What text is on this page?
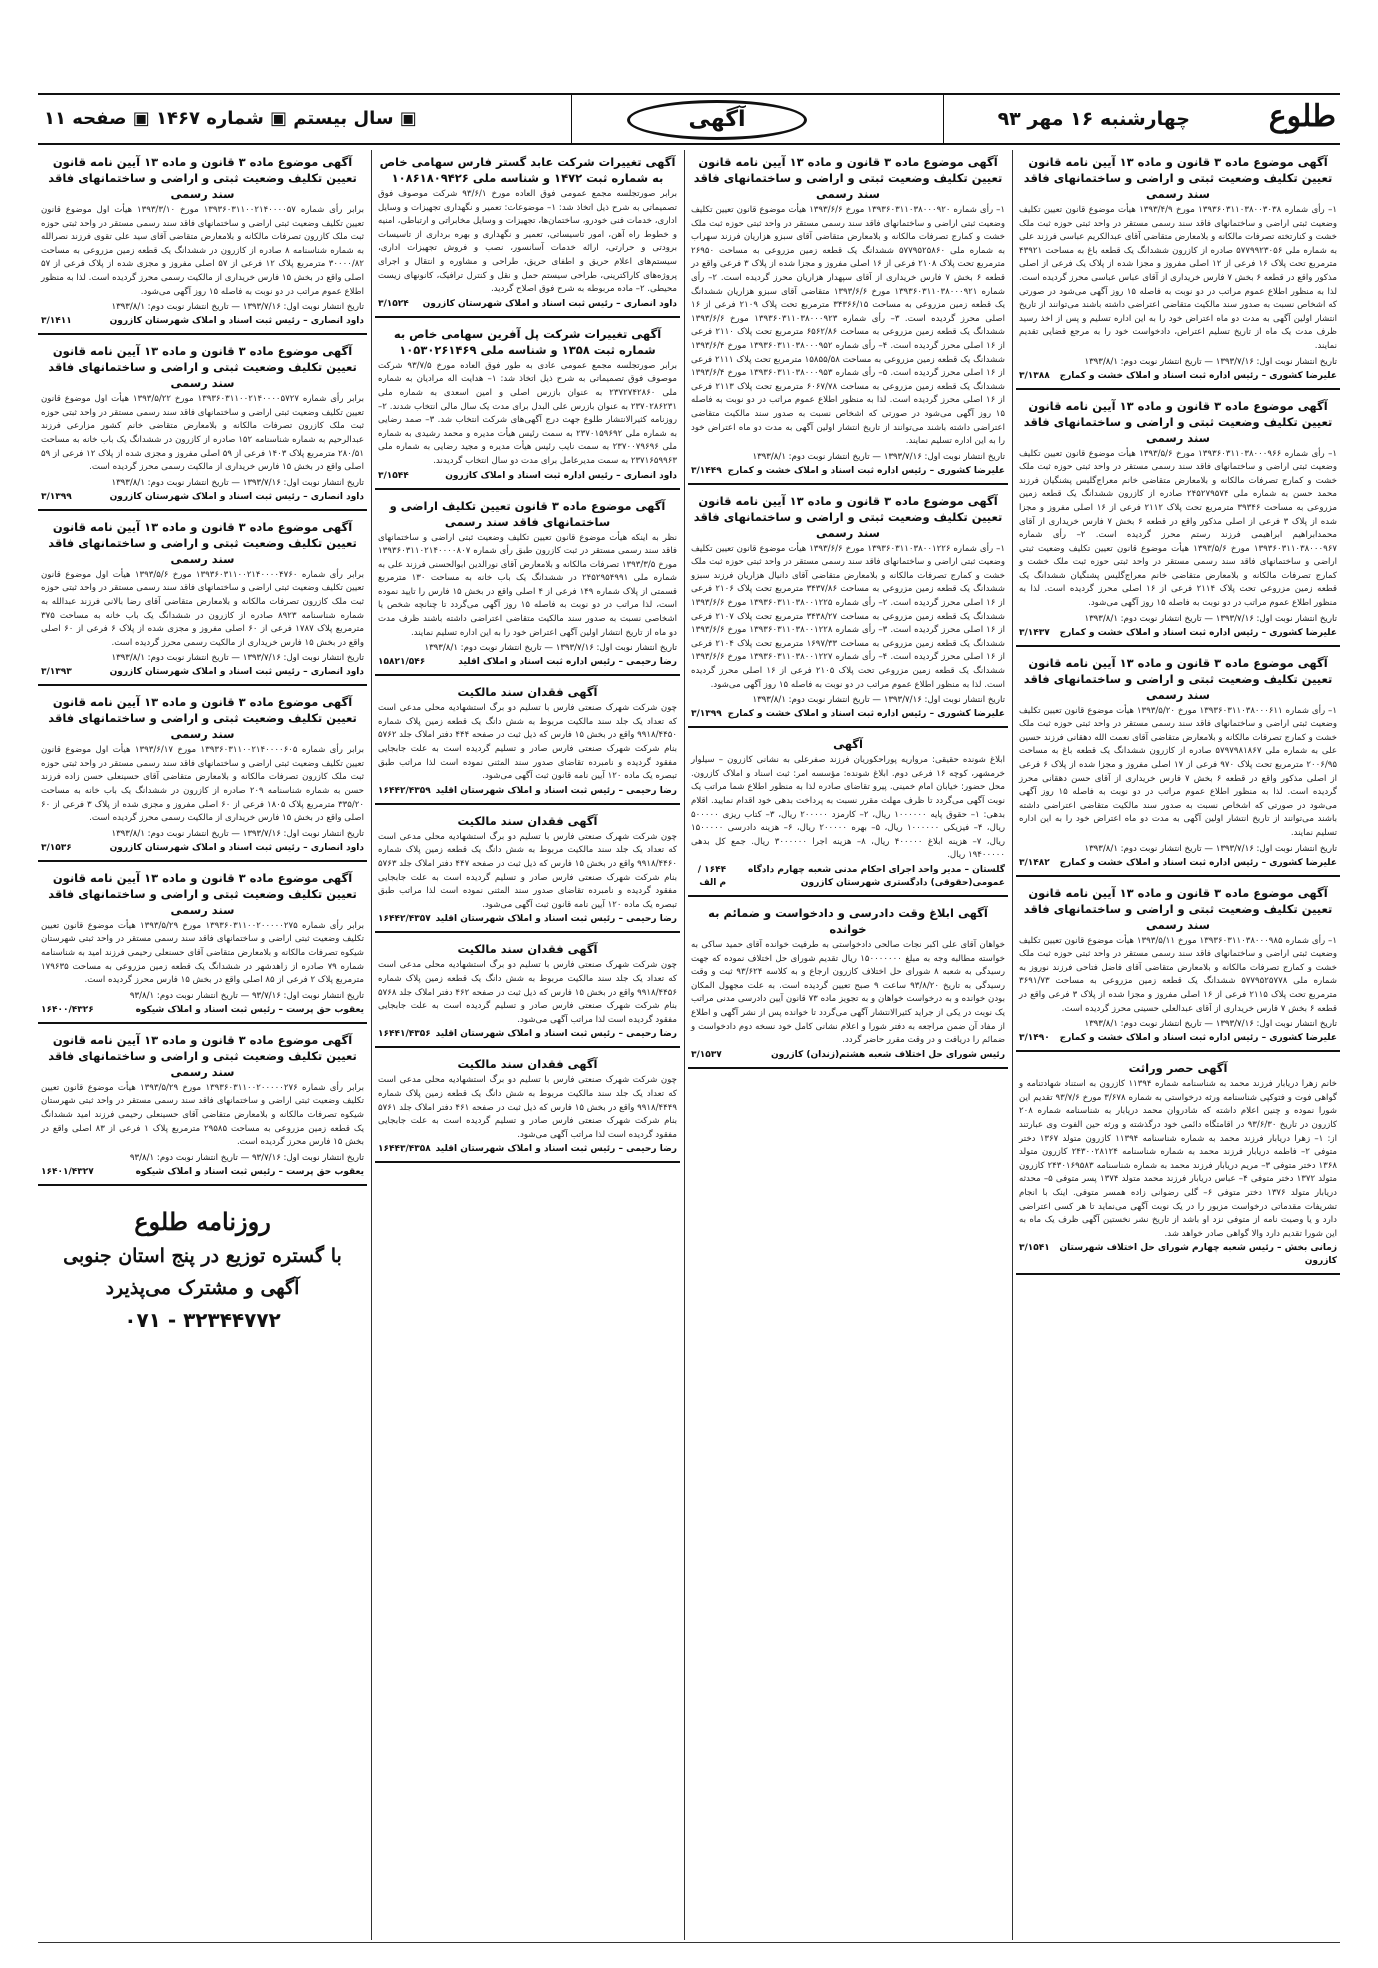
طلوع
چهارشنبه ۱۶ مهر ۹۳
آگهی
▣ سال بیستم ▣ شماره ۱۴۶۷ ▣ صفحه ۱۱
آگهی موضوع ماده ۳ قانون و ماده ۱۳ آیین نامه قانون تعیین تکلیف وضعیت ثبتی و اراضی و ساختمانهای فاقد سند رسمی
۱– رأی شماره ۱۳۹۳۶۰۳۱۱۰۳۸۰۰۳۰۳۸ مورخ ۱۳۹۳/۴/۹ هیأت موضوع قانون تعیین تکلیف وضعیت ثبتی اراضی و ساختمانهای فاقد سند رسمی مستقر در واحد ثبتی حوزه ثبت ملک خشت و کنارتخته تصرفات مالکانه و بلامعارض متقاضی آقای عبدالکریم عباسی فرزند علی به شماره ملی ۵۷۷۹۹۲۳۰۵۶ صادره از کازرون ششدانگ یک قطعه باغ به مساحت ۴۳۹۲۱ مترمربع تحت پلاک ۱۶ فرعی از ۱۲ اصلی مفروز و مجزا شده از پلاک یک فرعی از اصلی مذکور واقع در قطعه ۶ بخش ۷ فارس خریداری از آقای عباس عباسی محرز گردیده است. لذا به منظور اطلاع عموم مراتب در دو نوبت به فاصله ۱۵ روز آگهی می‌شود در صورتی که اشخاص نسبت به صدور سند مالکیت متقاضی اعتراضی داشته باشند می‌توانند از تاریخ انتشار اولین آگهی به مدت دو ماه اعتراض خود را به این اداره تسلیم و پس از اخذ رسید ظرف مدت یک ماه از تاریخ تسلیم اعتراض، دادخواست خود را به مرجع قضایی تقدیم نمایند.
تاریخ انتشار نوبت اول: ۱۳۹۳/۷/۱۶ — تاریخ انتشار نوبت دوم: ۱۳۹۳/۸/۱
علیرضا کشوری – رئیس اداره ثبت اسناد و املاک خشت و کمارج
۳/۱۳۸۸
آگهی موضوع ماده ۳ قانون و ماده ۱۳ آیین نامه قانون تعیین تکلیف وضعیت ثبتی و اراضی و ساختمانهای فاقد سند رسمی
۱– رأی شماره ۱۳۹۳۶۰۳۱۱۰۳۸۰۰۰۹۶۶ مورخ ۱۳۹۳/۵/۶ هیأت موضوع قانون تعیین تکلیف وضعیت ثبتی اراضی و ساختمانهای فاقد سند رسمی مستقر در واحد ثبتی حوزه ثبت ملک خشت و کمارج تصرفات مالکانه و بلامعارض متقاضی خانم معراج‌گلیس پشنگیان فرزند محمد حسن به شماره ملی ۲۴۵۲۷۹۵۷۴ صادره از کازرون ششدانگ یک قطعه زمین مزروعی به مساحت ۳۹۳۴۶ مترمربع تحت پلاک ۲۱۱۲ فرعی از ۱۶ اصلی مفروز و مجزا شده از پلاک ۳ فرعی از اصلی مذکور واقع در قطعه ۶ بخش ۷ فارس خریداری از آقای محمدابراهیم ابراهیمی فرزند رستم محرز گردیده است. ۲– رأی شماره ۱۳۹۳۶۰۳۱۱۰۳۸۰۰۰۹۶۷ مورخ ۱۳۹۳/۵/۶ هیأت موضوع قانون تعیین تکلیف وضعیت ثبتی اراضی و ساختمانهای فاقد سند رسمی مستقر در واحد ثبتی حوزه ثبت ملک خشت و کمارج تصرفات مالکانه و بلامعارض متقاضی خانم معراج‌گلیس پشنگیان ششدانگ یک قطعه زمین مزروعی تحت پلاک ۲۱۱۴ فرعی از ۱۶ اصلی محرز گردیده است. لذا به منظور اطلاع عموم مراتب در دو نوبت به فاصله ۱۵ روز آگهی می‌شود.
تاریخ انتشار نوبت اول: ۱۳۹۳/۷/۱۶ — تاریخ انتشار نوبت دوم: ۱۳۹۳/۸/۱
علیرضا کشوری – رئیس اداره ثبت اسناد و املاک خشت و کمارج
۳/۱۴۳۷
آگهی موضوع ماده ۳ قانون و ماده ۱۳ آیین نامه قانون تعیین تکلیف وضعیت ثبتی و اراضی و ساختمانهای فاقد سند رسمی
۱– رأی شماره ۱۳۹۳۶۰۳۱۱۰۳۸۰۰۰۶۱۱ مورخ ۱۳۹۳/۵/۲۰ هیأت موضوع قانون تعیین تکلیف وضعیت ثبتی اراضی و ساختمانهای فاقد سند رسمی مستقر در واحد ثبتی حوزه ثبت ملک خشت و کمارج تصرفات مالکانه و بلامعارض متقاضی آقای نعمت الله دهقانی فرزند حسین علی به شماره ملی ۵۷۹۷۹۸۱۸۶۷ صادره از کازرون ششدانگ یک قطعه باغ به مساحت ۲۰۰۶/۹۵ مترمربع تحت پلاک ۹۷۰ فرعی از ۱۷ اصلی مفروز و مجزا شده از پلاک ۶ فرعی از اصلی مذکور واقع در قطعه ۶ بخش ۷ فارس خریداری از آقای حسن دهقانی محرز گردیده است. لذا به منظور اطلاع عموم مراتب در دو نوبت به فاصله ۱۵ روز آگهی می‌شود در صورتی که اشخاص نسبت به صدور سند مالکیت متقاضی اعتراضی داشته باشند می‌توانند از تاریخ انتشار اولین آگهی به مدت دو ماه اعتراض خود را به این اداره تسلیم نمایند.
تاریخ انتشار نوبت اول: ۱۳۹۳/۷/۱۶ — تاریخ انتشار نوبت دوم: ۱۳۹۳/۸/۱
علیرضا کشوری – رئیس اداره ثبت اسناد و املاک خشت و کمارج
۳/۱۴۸۲
آگهی موضوع ماده ۳ قانون و ماده ۱۳ آیین نامه قانون تعیین تکلیف وضعیت ثبتی و اراضی و ساختمانهای فاقد سند رسمی
۱– رأی شماره ۱۳۹۳۶۰۳۱۱۰۳۸۰۰۰۹۸۵ مورخ ۱۳۹۳/۵/۱۱ هیأت موضوع قانون تعیین تکلیف وضعیت ثبتی اراضی و ساختمانهای فاقد سند رسمی مستقر در واحد ثبتی حوزه ثبت ملک خشت و کمارج تصرفات مالکانه و بلامعارض متقاضی آقای فاضل فتاحی فرزند نوروز به شماره ملی ۵۷۷۹۵۲۵۷۷۸ ششدانگ یک قطعه زمین مزروعی به مساحت ۳۶۹۱/۷۳ مترمربع تحت پلاک ۲۱۱۵ فرعی از ۱۶ اصلی مفروز و مجزا شده از پلاک ۳ فرعی واقع در قطعه ۶ بخش ۷ فارس خریداری از آقای عبدالعلی حسینی محرز گردیده است.
تاریخ انتشار نوبت اول: ۱۳۹۳/۷/۱۶ — تاریخ انتشار نوبت دوم: ۱۳۹۳/۸/۱
علیرضا کشوری – رئیس اداره ثبت اسناد و املاک خشت و کمارج
۳/۱۴۹۰
آگهی حصر وراثت
خانم زهرا دریابار فرزند محمد به شناسنامه شماره ۱۱۳۹۴ کازرون به استناد شهادتنامه و گواهی فوت و فتوکپی شناسنامه ورثه درخواستی به شماره ۳/۶۷۸ مورخ ۹۳/۷/۶ تقدیم این شورا نموده و چنین اعلام داشته که شادروان محمد دریابار به شناسنامه شماره ۲۰۸ کازرون در تاریخ ۹۳/۶/۳۰ در اقامتگاه دائمی خود درگذشته و ورثه حین الفوت وی عبارتند از: ۱– زهرا دریابار فرزند محمد به شماره شناسنامه ۱۱۳۹۴ کازرون متولد ۱۳۶۷ دختر متوفی ۲– فاطمه دریابار فرزند محمد به شماره شناسنامه ۲۴۳۰۰۲۸۱۲۴ کازرون متولد ۱۳۶۸ دختر متوفی ۳– مریم دریابار فرزند محمد به شماره شناسنامه ۲۴۳۰۱۶۹۵۸۳ کازرون متولد ۱۳۷۲ دختر متوفی ۴– عباس دریابار فرزند محمد متولد ۱۳۷۴ پسر متوفی ۵– محدثه دریابار متولد ۱۳۷۶ دختر متوفی ۶– گلی رضوانی زاده همسر متوفی. اینک با انجام تشریفات مقدماتی درخواست مزبور را در یک نوبت آگهی می‌نماید تا هر کسی اعتراضی دارد و یا وصیت نامه از متوفی نزد او باشد از تاریخ نشر نخستین آگهی ظرف یک ماه به این شورا تقدیم دارد والا گواهی صادر خواهد شد.
زمانی بخش – رئیس شعبه چهارم شورای حل اختلاف شهرستان کازرون
۳/۱۵۴۱
آگهی موضوع ماده ۳ قانون و ماده ۱۳ آیین نامه قانون تعیین تکلیف وضعیت ثبتی و اراضی و ساختمانهای فاقد سند رسمی
۱– رأی شماره ۱۳۹۳۶۰۳۱۱۰۳۸۰۰۰۹۲۰ مورخ ۱۳۹۳/۶/۶ هیأت موضوع قانون تعیین تکلیف وضعیت ثبتی اراضی و ساختمانهای فاقد سند رسمی مستقر در واحد ثبتی حوزه ثبت ملک خشت و کمارج تصرفات مالکانه و بلامعارض متقاضی آقای سبزو هزاریان فرزند سهراب به شماره ملی ۵۷۷۹۵۲۵۸۶۰ ششدانگ یک قطعه زمین مزروعی به مساحت ۲۶۹۵۰ مترمربع تحت پلاک ۲۱۰۸ فرعی از ۱۶ اصلی مفروز و مجزا شده از پلاک ۳ فرعی واقع در قطعه ۶ بخش ۷ فارس خریداری از آقای سپهدار هزاریان محرز گردیده است. ۲– رأی شماره ۱۳۹۳۶۰۳۱۱۰۳۸۰۰۰۹۲۱ مورخ ۱۳۹۳/۶/۶ متقاضی آقای سبزو هزاریان ششدانگ یک قطعه زمین مزروعی به مساحت ۳۴۳۶۶/۱۵ مترمربع تحت پلاک ۲۱۰۹ فرعی از ۱۶ اصلی محرز گردیده است. ۳– رأی شماره ۱۳۹۳۶۰۳۱۱۰۳۸۰۰۰۹۲۳ مورخ ۱۳۹۳/۶/۶ ششدانگ یک قطعه زمین مزروعی به مساحت ۶۵۶۲/۸۶ مترمربع تحت پلاک ۲۱۱۰ فرعی از ۱۶ اصلی محرز گردیده است. ۴– رأی شماره ۱۳۹۳۶۰۳۱۱۰۳۸۰۰۰۹۵۲ مورخ ۱۳۹۳/۶/۴ ششدانگ یک قطعه زمین مزروعی به مساحت ۱۵۸۵۵/۵۸ مترمربع تحت پلاک ۲۱۱۱ فرعی از ۱۶ اصلی محرز گردیده است. ۵– رأی شماره ۱۳۹۳۶۰۳۱۱۰۳۸۰۰۰۹۵۳ مورخ ۱۳۹۳/۶/۴ ششدانگ یک قطعه زمین مزروعی به مساحت ۶۰۶۷/۷۸ مترمربع تحت پلاک ۲۱۱۳ فرعی از ۱۶ اصلی محرز گردیده است. لذا به منظور اطلاع عموم مراتب در دو نوبت به فاصله ۱۵ روز آگهی می‌شود در صورتی که اشخاص نسبت به صدور سند مالکیت متقاضی اعتراضی داشته باشند می‌توانند از تاریخ انتشار اولین آگهی به مدت دو ماه اعتراض خود را به این اداره تسلیم نمایند.
تاریخ انتشار نوبت اول: ۱۳۹۳/۷/۱۶ — تاریخ انتشار نوبت دوم: ۱۳۹۳/۸/۱
علیرضا کشوری – رئیس اداره ثبت اسناد و املاک خشت و کمارج
۳/۱۴۴۹
آگهی موضوع ماده ۳ قانون و ماده ۱۳ آیین نامه قانون تعیین تکلیف وضعیت ثبتی و اراضی و ساختمانهای فاقد سند رسمی
۱– رأی شماره ۱۳۹۳۶۰۳۱۱۰۳۸۰۰۱۲۲۶ مورخ ۱۳۹۳/۶/۶ هیأت موضوع قانون تعیین تکلیف وضعیت ثبتی اراضی و ساختمانهای فاقد سند رسمی مستقر در واحد ثبتی حوزه ثبت ملک خشت و کمارج تصرفات مالکانه و بلامعارض متقاضی آقای دانیال هزاریان فرزند سبزو ششدانگ یک قطعه زمین مزروعی به مساحت ۳۴۳۷/۸۶ مترمربع تحت پلاک ۲۱۰۶ فرعی از ۱۶ اصلی محرز گردیده است. ۲– رأی شماره ۱۳۹۳۶۰۳۱۱۰۳۸۰۰۱۲۲۵ مورخ ۱۳۹۳/۶/۶ ششدانگ یک قطعه زمین مزروعی به مساحت ۳۴۳۸/۲۷ مترمربع تحت پلاک ۲۱۰۷ فرعی از ۱۶ اصلی محرز گردیده است. ۳– رأی شماره ۱۳۹۳۶۰۳۱۱۰۳۸۰۰۱۲۲۸ مورخ ۱۳۹۳/۶/۶ ششدانگ یک قطعه زمین مزروعی به مساحت ۱۶۹۷/۳۳ مترمربع تحت پلاک ۲۱۰۴ فرعی از ۱۶ اصلی محرز گردیده است. ۴– رأی شماره ۱۳۹۳۶۰۳۱۱۰۳۸۰۰۱۲۲۷ مورخ ۱۳۹۳/۶/۶ ششدانگ یک قطعه زمین مزروعی تحت پلاک ۲۱۰۵ فرعی از ۱۶ اصلی محرز گردیده است. لذا به منظور اطلاع عموم مراتب در دو نوبت به فاصله ۱۵ روز آگهی می‌شود.
تاریخ انتشار نوبت اول: ۱۳۹۳/۷/۱۶ — تاریخ انتشار نوبت دوم: ۱۳۹۳/۸/۱
علیرضا کشوری – رئیس اداره ثبت اسناد و املاک خشت و کمارج
۳/۱۳۹۹
آگهی
ابلاغ شونده حقیقی: مرواریه پوراحکوریان فرزند صفرعلی به نشانی کازرون – سیلوار خرمشهر، کوچه ۱۶ فرعی دوم. ابلاغ شونده: مؤسسه امر: ثبت اسناد و املاک کازرون. محل حضور: خیابان امام خمینی. پیرو تقاضای صادره لذا به منظور اطلاع شما مراتب یک نوبت آگهی می‌گردد تا ظرف مهلت مقرر نسبت به پرداخت بدهی خود اقدام نمایید. اقلام بدهی: ۱– حقوق پایه ۱۰۰۰۰۰۰ ریال، ۲– کارمزد ۲۰۰۰۰۰ ریال، ۳– کتاب ریزی ۵۰۰۰۰۰ ریال، ۴– فیزیکی ۱۰۰۰۰۰۰ ریال، ۵– بهره ۲۰۰۰۰۰ ریال، ۶– هزینه دادرسی ۱۵۰۰۰۰۰ ریال، ۷– هزینه ابلاغ ۴۰۰۰۰۰ ریال، ۸– هزینه اجرا ۳۰۰۰۰۰۰ ریال. جمع کل بدهی ۱۹۴۰۰۰۰۰ ریال.
گلستان – مدیر واحد اجرای احکام مدنی شعبه چهارم دادگاه عمومی(حقوقی) دادگستری شهرستان کازرون
۱۶۴۴ / م الف
آگهی ابلاغ وقت دادرسی و دادخواست و ضمائم به خوانده
خواهان آقای علی اکبر نجات صالحی دادخواستی به طرفیت خوانده آقای حمید ساکی به خواسته مطالبه وجه به مبلغ ۱۵۰۰۰۰۰۰۰ ریال تقدیم شورای حل اختلاف نموده که جهت رسیدگی به شعبه ۸ شورای حل اختلاف کازرون ارجاع و به کلاسه ۹۳/۶۲۴ ثبت و وقت رسیدگی به تاریخ ۹۳/۸/۲۰ ساعت ۹ صبح تعیین گردیده است. به علت مجهول المکان بودن خوانده و به درخواست خواهان و به تجویز ماده ۷۳ قانون آیین دادرسی مدنی مراتب یک نوبت در یکی از جراید کثیرالانتشار آگهی می‌گردد تا خوانده پس از نشر آگهی و اطلاع از مفاد آن ضمن مراجعه به دفتر شورا و اعلام نشانی کامل خود نسخه دوم دادخواست و ضمائم را دریافت و در وقت مقرر حاضر گردد.
رئیس شورای حل اختلاف شعبه هشتم(زندان) کازرون
۳/۱۵۳۷
آگهی تغییرات شرکت عابد گستر فارس سهامی خاص به شماره ثبت ۱۴۷۲ و شناسه ملی ۱۰۸۶۱۸۰۹۴۲۶
برابر صورتجلسه مجمع عمومی فوق العاده مورخ ۹۳/۶/۱ شرکت موصوف فوق تصمیماتی به شرح ذیل اتخاذ شد: ۱– موضوعات: تعمیر و نگهداری تجهیزات و وسایل اداری، خدمات فنی خودرو، ساختمان‌ها، تجهیزات و وسایل مخابراتی و ارتباطی، امنیه و خطوط راه آهن، امور تاسیساتی، تعمیر و نگهداری و بهره برداری از تاسیسات برودتی و حرارتی، ارائه خدمات آسانسور، نصب و فروش تجهیزات اداری، سیستم‌های اعلام حریق و اطفای حریق، طراحی و مشاوره و انتقال و اجرای پروژه‌های کاراکترینی، طراحی سیستم حمل و نقل و کنترل ترافیک، کانونهای زیست محیطی. ۲– ماده مربوطه به شرح فوق اصلاح گردید.
داود انصاری – رئیس ثبت اسناد و املاک شهرستان کازرون
۳/۱۵۲۴
آگهی تغییرات شرکت پل آفرین سهامی خاص به شماره ثبت ۱۳۵۸ و شناسه ملی ۱۰۵۳۰۲۶۱۴۶۹
برابر صورتجلسه مجمع عمومی عادی به طور فوق العاده مورخ ۹۳/۷/۵ شرکت موصوف فوق تصمیماتی به شرح ذیل اتخاذ شد: ۱– هدایت اله مرادیان به شماره ملی ۲۳۷۲۷۴۲۸۶۰ به عنوان بازرس اصلی و امین اسعدی به شماره ملی ۲۳۷۰۲۸۶۲۳۱ به عنوان بازرس علی البدل برای مدت یک سال مالی انتخاب شدند. ۲– روزنامه کثیرالانتشار طلوع جهت درج آگهی‌های شرکت انتخاب شد. ۳– صمد رضایی به شماره ملی ۲۳۷۰۱۵۹۶۹۲ به سمت رئیس هیأت مدیره و محمد رشیدی به شماره ملی ۲۳۷۰۰۷۹۶۹۶ به سمت نایب رئیس هیأت مدیره و مجید رضایی به شماره ملی ۲۳۷۱۶۵۹۹۶۳ به سمت مدیرعامل برای مدت دو سال انتخاب گردیدند.
داود انصاری – رئیس اداره ثبت اسناد و املاک کازرون
۳/۱۵۴۴
آگهی موضوع ماده ۳ قانون تعیین تکلیف اراضی و ساختمانهای فاقد سند رسمی
نظر به اینکه هیأت موضوع قانون تعیین تکلیف وضعیت ثبتی اراضی و ساختمانهای فاقد سند رسمی مستقر در ثبت کازرون طبق رأی شماره ۱۳۹۳۶۰۳۱۱۰۲۱۴۰۰۰۰۸۰۷ مورخ ۱۳۹۳/۳/۵ تصرفات مالکانه و بلامعارض آقای نورالدین ابوالحسنی فرزند علی به شماره ملی ۲۴۵۲۹۵۴۹۹۱ در ششدانگ یک باب خانه به مساحت ۱۳۰ مترمربع قسمتی از پلاک شماره ۱۴۹ فرعی از ۴ اصلی واقع در بخش ۱۵ فارس را تایید نموده است، لذا مراتب در دو نوبت به فاصله ۱۵ روز آگهی می‌گردد تا چنانچه شخص یا اشخاصی نسبت به صدور سند مالکیت متقاضی اعتراضی داشته باشند ظرف مدت دو ماه از تاریخ انتشار اولین آگهی اعتراض خود را به این اداره تسلیم نمایند.
تاریخ انتشار نوبت اول: ۱۳۹۳/۷/۱۶ — تاریخ انتشار نوبت دوم: ۱۳۹۳/۸/۱
رضا رحیمی – رئیس اداره ثبت اسناد و املاک اقلید
۱۵۸۲۱/۵۴۶
آگهی فقدان سند مالکیت
چون شرکت شهرک صنعتی فارس با تسلیم دو برگ استشهادیه محلی مدعی است که تعداد یک جلد سند مالکیت مربوط به شش دانگ یک قطعه زمین پلاک شماره ۹۹۱۸/۴۴۵۰ واقع در بخش ۱۵ فارس که ذیل ثبت در صفحه ۴۴۴ دفتر املاک جلد ۵۷۶۲ بنام شرکت شهرک صنعتی فارس صادر و تسلیم گردیده است به علت جابجایی مفقود گردیده و نامبرده تقاضای صدور سند المثنی نموده است لذا مراتب طبق تبصره یک ماده ۱۲۰ آیین نامه قانون ثبت آگهی می‌شود.
رضا رحیمی – رئیس ثبت اسناد و املاک شهرستان اقلید
۱۶۴۴۲/۴۳۵۹
آگهی فقدان سند مالکیت
چون شرکت شهرک صنعتی فارس با تسلیم دو برگ استشهادیه محلی مدعی است که تعداد یک جلد سند مالکیت مربوط به شش دانگ یک قطعه زمین پلاک شماره ۹۹۱۸/۴۴۶۰ واقع در بخش ۱۵ فارس که ذیل ثبت در صفحه ۴۴۷ دفتر املاک جلد ۵۷۶۳ بنام شرکت شهرک صنعتی فارس صادر و تسلیم گردیده است به علت جابجایی مفقود گردیده و نامبرده تقاضای صدور سند المثنی نموده است لذا مراتب طبق تبصره یک ماده ۱۲۰ آیین نامه قانون ثبت آگهی می‌شود.
رضا رحیمی – رئیس ثبت اسناد و املاک شهرستان اقلید
۱۶۴۴۲/۴۳۵۷
آگهی فقدان سند مالکیت
چون شرکت شهرک صنعتی فارس با تسلیم دو برگ استشهادیه محلی مدعی است که تعداد یک جلد سند مالکیت مربوط به شش دانگ یک قطعه زمین پلاک شماره ۹۹۱۸/۴۴۵۶ واقع در بخش ۱۵ فارس که ذیل ثبت در صفحه ۴۶۲ دفتر املاک جلد ۵۷۶۸ بنام شرکت شهرک صنعتی فارس صادر و تسلیم گردیده است به علت جابجایی مفقود گردیده است لذا مراتب آگهی می‌شود.
رضا رحیمی – رئیس ثبت اسناد و املاک شهرستان اقلید
۱۶۴۴۱/۴۳۵۶
آگهی فقدان سند مالکیت
چون شرکت شهرک صنعتی فارس با تسلیم دو برگ استشهادیه محلی مدعی است که تعداد یک جلد سند مالکیت مربوط به شش دانگ یک قطعه زمین پلاک شماره ۹۹۱۸/۴۴۴۹ واقع در بخش ۱۵ فارس که ذیل ثبت در صفحه ۴۶۱ دفتر املاک جلد ۵۷۶۱ بنام شرکت شهرک صنعتی فارس صادر و تسلیم گردیده است به علت جابجایی مفقود گردیده است لذا مراتب آگهی می‌شود.
رضا رحیمی – رئیس ثبت اسناد و املاک شهرستان اقلید
۱۶۴۴۳/۴۳۵۸
آگهی موضوع ماده ۳ قانون و ماده ۱۳ آیین نامه قانون تعیین تکلیف وضعیت ثبتی و اراضی و ساختمانهای فاقد سند رسمی
برابر رأی شماره ۱۳۹۳۶۰۳۱۱۰۰۲۱۴۰۰۰۰۵۷ مورخ ۱۳۹۳/۳/۱۰ هیأت اول موضوع قانون تعیین تکلیف وضعیت ثبتی اراضی و ساختمانهای فاقد سند رسمی مستقر در واحد ثبتی حوزه ثبت ملک کازرون تصرفات مالکانه و بلامعارض متقاضی آقای سید علی تقوی فرزند نصرالله به شماره شناسنامه ۸ صادره از کازرون در ششدانگ یک قطعه زمین مزروعی به مساحت ۳۰۰۰۰/۸۲ مترمربع پلاک ۱۲ فرعی از ۵۷ اصلی مفروز و مجزی شده از پلاک فرعی از ۵۷ اصلی واقع در بخش ۱۵ فارس خریداری از مالکیت رسمی محرز گردیده است. لذا به منظور اطلاع عموم مراتب در دو نوبت به فاصله ۱۵ روز آگهی می‌شود.
تاریخ انتشار نوبت اول: ۱۳۹۳/۷/۱۶ — تاریخ انتشار نوبت دوم: ۱۳۹۳/۸/۱
داود انصاری – رئیس ثبت اسناد و املاک شهرستان کازرون
۳/۱۴۱۱
آگهی موضوع ماده ۳ قانون و ماده ۱۳ آیین نامه قانون تعیین تکلیف وضعیت ثبتی و اراضی و ساختمانهای فاقد سند رسمی
برابر رأی شماره ۱۳۹۳۶۰۳۱۱۰۰۲۱۴۰۰۰۰۵۷۲۷ مورخ ۱۳۹۳/۵/۲۲ هیأت اول موضوع قانون تعیین تکلیف وضعیت ثبتی اراضی و ساختمانهای فاقد سند رسمی مستقر در واحد ثبتی حوزه ثبت ملک کازرون تصرفات مالکانه و بلامعارض متقاضی خانم کشور مزارعی فرزند عبدالرحیم به شماره شناسنامه ۱۵۲ صادره از کازرون در ششدانگ یک باب خانه به مساحت ۲۸۰/۵۱ مترمربع پلاک ۱۴۰۳ فرعی از ۵۹ اصلی مفروز و مجزی شده از پلاک ۱۲ فرعی از ۵۹ اصلی واقع در بخش ۱۵ فارس خریداری از مالکیت رسمی محرز گردیده است.
تاریخ انتشار نوبت اول: ۱۳۹۳/۷/۱۶ — تاریخ انتشار نوبت دوم: ۱۳۹۳/۸/۱
داود انصاری – رئیس ثبت اسناد و املاک شهرستان کازرون
۳/۱۳۹۹
آگهی موضوع ماده ۳ قانون و ماده ۱۳ آیین نامه قانون تعیین تکلیف وضعیت ثبتی و اراضی و ساختمانهای فاقد سند رسمی
برابر رأی شماره ۱۳۹۳۶۰۳۱۱۰۰۲۱۴۰۰۰۰۴۷۶۰ مورخ ۱۳۹۳/۵/۶ هیأت اول موضوع قانون تعیین تکلیف وضعیت ثبتی اراضی و ساختمانهای فاقد سند رسمی مستقر در واحد ثبتی حوزه ثبت ملک کازرون تصرفات مالکانه و بلامعارض متقاضی آقای رضا بالانی فرزند عبدالله به شماره شناسنامه ۸۹۲۳ صادره از کازرون در ششدانگ یک باب خانه به مساحت ۳۷۵ مترمربع پلاک ۱۷۸۷ فرعی از ۶۰ اصلی مفروز و مجزی شده از پلاک ۶ فرعی از ۶۰ اصلی واقع در بخش ۱۵ فارس خریداری از مالکیت رسمی محرز گردیده است.
تاریخ انتشار نوبت اول: ۱۳۹۳/۷/۱۶ — تاریخ انتشار نوبت دوم: ۱۳۹۳/۸/۱
داود انصاری – رئیس ثبت اسناد و املاک شهرستان کازرون
۳/۱۳۹۳
آگهی موضوع ماده ۳ قانون و ماده ۱۳ آیین نامه قانون تعیین تکلیف وضعیت ثبتی و اراضی و ساختمانهای فاقد سند رسمی
برابر رأی شماره ۱۳۹۳۶۰۳۱۱۰۰۲۱۴۰۰۰۰۶۰۵ مورخ ۱۳۹۳/۶/۱۷ هیأت اول موضوع قانون تعیین تکلیف وضعیت ثبتی اراضی و ساختمانهای فاقد سند رسمی مستقر در واحد ثبتی حوزه ثبت ملک کازرون تصرفات مالکانه و بلامعارض متقاضی آقای حسینعلی حسن زاده فرزند حسن به شماره شناسنامه ۲۰۹ صادره از کازرون در ششدانگ یک باب خانه به مساحت ۳۳۵/۲۰ مترمربع پلاک ۱۸۰۵ فرعی از ۶۰ اصلی مفروز و مجزی شده از پلاک ۳ فرعی از ۶۰ اصلی واقع در بخش ۱۵ فارس خریداری از مالکیت رسمی محرز گردیده است.
تاریخ انتشار نوبت اول: ۱۳۹۳/۷/۱۶ — تاریخ انتشار نوبت دوم: ۱۳۹۳/۸/۱
داود انصاری – رئیس ثبت اسناد و املاک شهرستان کازرون
۳/۱۵۳۶
آگهی موضوع ماده ۳ قانون و ماده ۱۳ آیین نامه قانون تعیین تکلیف وضعیت ثبتی و اراضی و ساختمانهای فاقد سند رسمی
برابر رأی شماره ۱۳۹۳۶۰۳۱۱۰۰۲۰۰۰۰۰۲۷۵ مورخ ۱۳۹۳/۵/۲۹ هیأت موضوع قانون تعیین تکلیف وضعیت ثبتی اراضی و ساختمانهای فاقد سند رسمی مستقر در واحد ثبتی شهرستان شیکوه تصرفات مالکانه و بلامعارض متقاضی آقای حسنعلی رحیمی فرزند امید به شناسنامه شماره ۷۹ صادره از زاهدشهر در ششدانگ یک قطعه زمین مزروعی به مساحت ۱۷۹۶۳۵ مترمربع پلاک ۲ فرعی از ۸۵ اصلی واقع در بخش ۱۵ فارس محرز گردیده است.
تاریخ انتشار نوبت اول: ۹۳/۷/۱۶ — تاریخ انتشار نوبت دوم: ۹۳/۸/۱
یعقوب حق پرست – رئیس ثبت اسناد و املاک شیکوه
۱۶۴۰۰/۴۳۲۶
آگهی موضوع ماده ۳ قانون و ماده ۱۳ آیین نامه قانون تعیین تکلیف وضعیت ثبتی و اراضی و ساختمانهای فاقد سند رسمی
برابر رأی شماره ۱۳۹۳۶۰۳۱۱۰۰۲۰۰۰۰۰۲۷۶ مورخ ۱۳۹۳/۵/۲۹ هیأت موضوع قانون تعیین تکلیف وضعیت ثبتی اراضی و ساختمانهای فاقد سند رسمی مستقر در واحد ثبتی شهرستان شیکوه تصرفات مالکانه و بلامعارض متقاضی آقای حسینعلی رحیمی فرزند امید ششدانگ یک قطعه زمین مزروعی به مساحت ۲۹۵۸۵ مترمربع پلاک ۱ فرعی از ۸۳ اصلی واقع در بخش ۱۵ فارس محرز گردیده است.
تاریخ انتشار نوبت اول: ۹۳/۷/۱۶ — تاریخ انتشار نوبت دوم: ۹۳/۸/۱
یعقوب حق پرست – رئیس ثبت اسناد و املاک شیکوه
۱۶۴۰۱/۴۳۲۷
روزنامه طلوع
با گستره توزیع در پنج استان جنوبی
آگهی و مشترک می‌پذیرد
۰۷۱ - ۳۲۳۴۴۷۷۲
